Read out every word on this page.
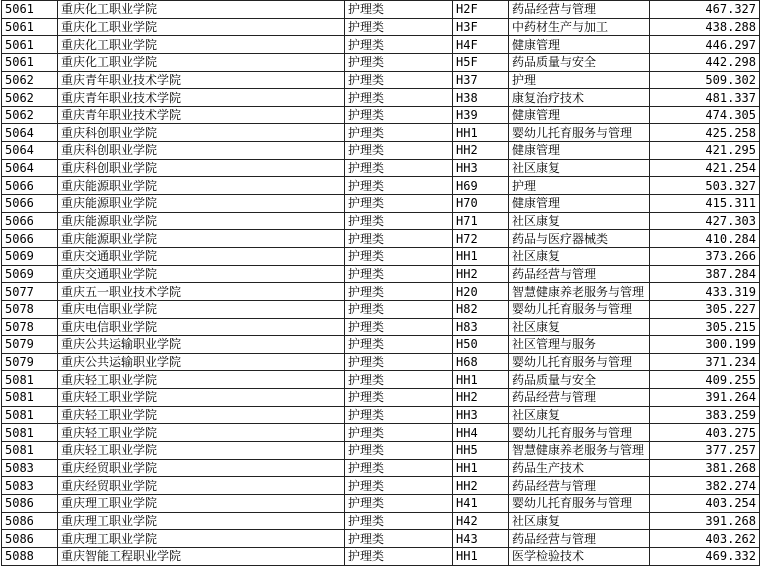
5061	重庆化工职业学院	护理类	H2F	药品经营与管理	467.327
5061	重庆化工职业学院	护理类	H3F	中药材生产与加工	438.288
5061	重庆化工职业学院	护理类	H4F	健康管理	446.297
5061	重庆化工职业学院	护理类	H5F	药品质量与安全	442.298
5062	重庆青年职业技术学院	护理类	H37	护理	509.302
5062	重庆青年职业技术学院	护理类	H38	康复治疗技术	481.337
5062	重庆青年职业技术学院	护理类	H39	健康管理	474.305
5064	重庆科创职业学院	护理类	HH1	婴幼儿托育服务与管理	425.258
5064	重庆科创职业学院	护理类	HH2	健康管理	421.295
5064	重庆科创职业学院	护理类	HH3	社区康复	421.254
5066	重庆能源职业学院	护理类	H69	护理	503.327
5066	重庆能源职业学院	护理类	H70	健康管理	415.311
5066	重庆能源职业学院	护理类	H71	社区康复	427.303
5066	重庆能源职业学院	护理类	H72	药品与医疗器械类	410.284
5069	重庆交通职业学院	护理类	HH1	社区康复	373.266
5069	重庆交通职业学院	护理类	HH2	药品经营与管理	387.284
5077	重庆五一职业技术学院	护理类	H20	智慧健康养老服务与管理	433.319
5078	重庆电信职业学院	护理类	H82	婴幼儿托育服务与管理	305.227
5078	重庆电信职业学院	护理类	H83	社区康复	305.215
5079	重庆公共运输职业学院	护理类	H50	社区管理与服务	300.199
5079	重庆公共运输职业学院	护理类	H68	婴幼儿托育服务与管理	371.234
5081	重庆轻工职业学院	护理类	HH1	药品质量与安全	409.255
5081	重庆轻工职业学院	护理类	HH2	药品经营与管理	391.264
5081	重庆轻工职业学院	护理类	HH3	社区康复	383.259
5081	重庆轻工职业学院	护理类	HH4	婴幼儿托育服务与管理	403.275
5081	重庆轻工职业学院	护理类	HH5	智慧健康养老服务与管理	377.257
5083	重庆经贸职业学院	护理类	HH1	药品生产技术	381.268
5083	重庆经贸职业学院	护理类	HH2	药品经营与管理	382.274
5086	重庆理工职业学院	护理类	H41	婴幼儿托育服务与管理	403.254
5086	重庆理工职业学院	护理类	H42	社区康复	391.268
5086	重庆理工职业学院	护理类	H43	药品经营与管理	403.262
5088	重庆智能工程职业学院	护理类	HH1	医学检验技术	469.332
